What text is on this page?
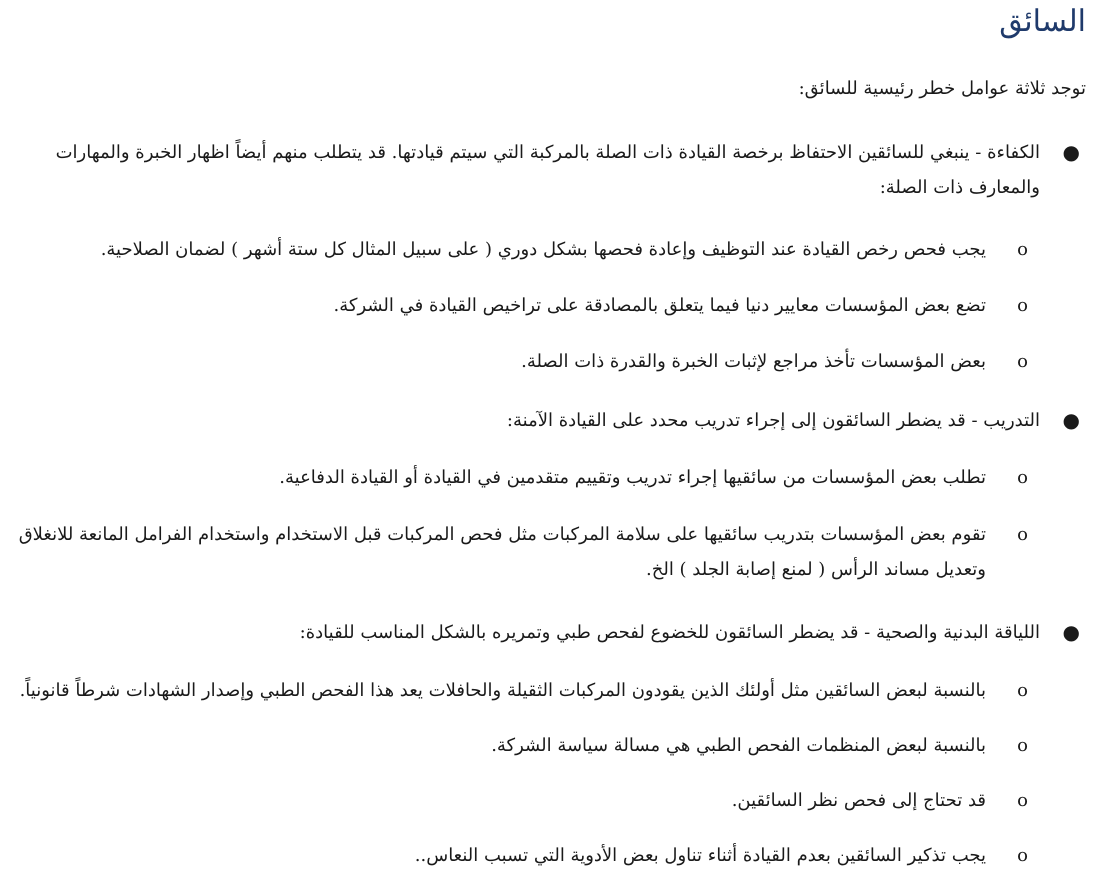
السائق

توجد ثلاثة عوامل خطر رئيسية للسائق:

●
الكفاءة - ينبغي للسائقين الاحتفاظ برخصة القيادة ذات الصلة بالمركبة التي سيتم قيادتها. قد يتطلب منهم أيضاً اظهار الخبرة والمهارات والمعارف ذات الصلة:
o
يجب فحص رخص القيادة عند التوظيف وإعادة فحصها بشكل دوري ( على سبيل المثال كل ستة أشهر ) لضمان الصلاحية.
o
تضع بعض المؤسسات معايير دنيا فيما يتعلق بالمصادقة على تراخيص القيادة في الشركة.
o
بعض المؤسسات تأخذ مراجع لإثبات الخبرة والقدرة ذات الصلة.
●
التدريب - قد يضطر السائقون إلى إجراء تدريب محدد على القيادة الآمنة:
o
تطلب بعض المؤسسات من سائقيها إجراء تدريب وتقييم متقدمين في القيادة أو القيادة الدفاعية.
o
تقوم بعض المؤسسات بتدريب سائقيها على سلامة المركبات مثل فحص المركبات قبل الاستخدام واستخدام الفرامل المانعة للانغلاق وتعديل مساند الرأس ( لمنع إصابة الجلد ) الخ.
●
اللياقة البدنية والصحية - قد يضطر السائقون للخضوع لفحص طبي وتمريره بالشكل المناسب للقيادة:
o
بالنسبة لبعض السائقين مثل أولئك الذين يقودون المركبات الثقيلة والحافلات يعد هذا الفحص الطبي وإصدار الشهادات شرطاً قانونياً.
o
بالنسبة لبعض المنظمات الفحص الطبي هي مسالة سياسة الشركة.
o
قد تحتاج إلى فحص نظر السائقين.
o
يجب تذكير السائقين بعدم القيادة أثناء تناول بعض الأدوية التي تسبب النعاس..
